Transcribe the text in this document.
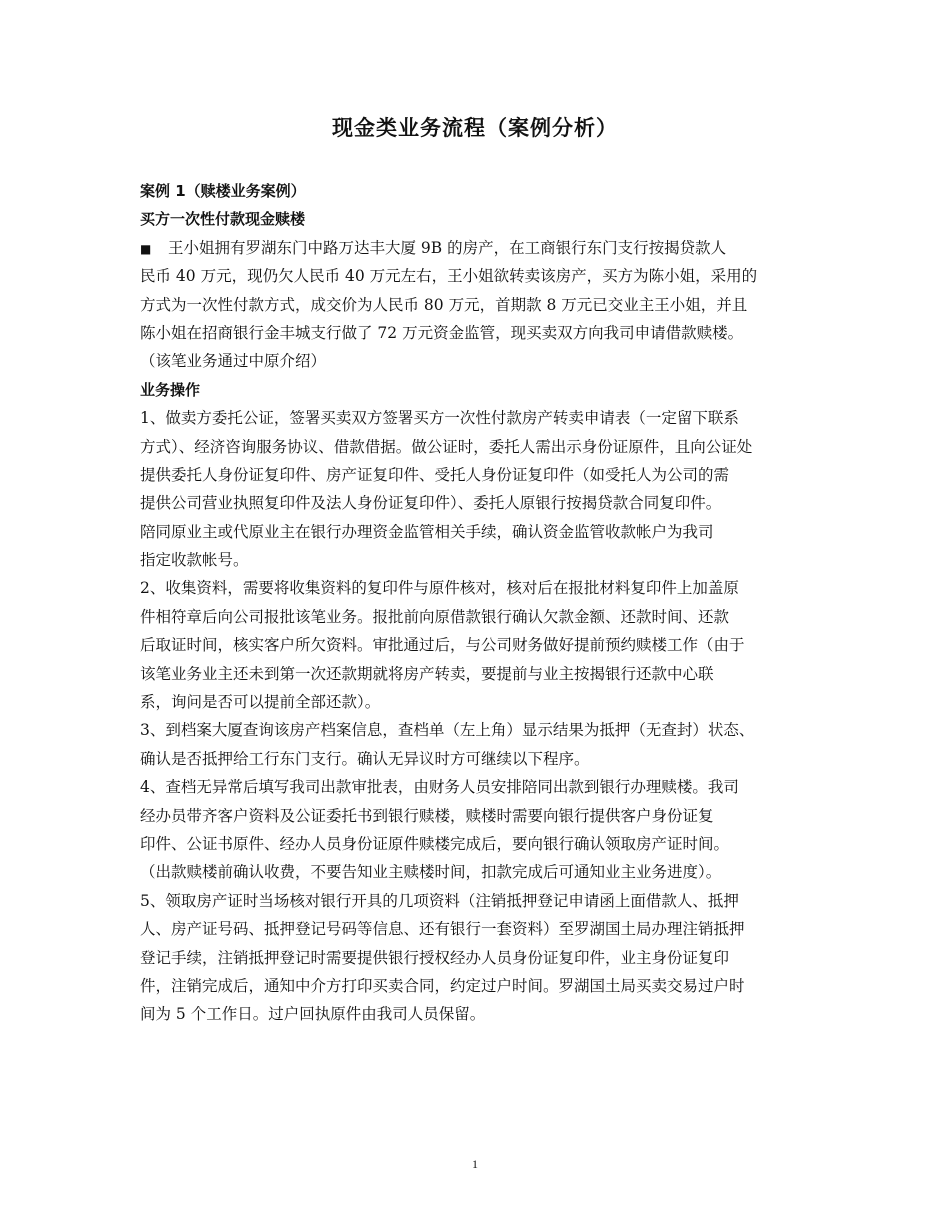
现金类业务流程（案例分析）
案例 1（赎楼业务案例）
买方一次性付款现金赎楼
■ 王小姐拥有罗湖东门中路万达丰大厦 9B 的房产，在工商银行东门支行按揭贷款人
民币 40 万元，现仍欠人民币 40 万元左右，王小姐欲转卖该房产，买方为陈小姐，采用的
方式为一次性付款方式，成交价为人民币 80 万元，首期款 8 万元已交业主王小姐，并且
陈小姐在招商银行金丰城支行做了 72 万元资金监管，现买卖双方向我司申请借款赎楼。
（该笔业务通过中原介绍）
业务操作
1、做卖方委托公证，签署买卖双方签署买方一次性付款房产转卖申请表（一定留下联系
方式）、经济咨询服务协议、借款借据。做公证时，委托人需出示身份证原件，且向公证处
提供委托人身份证复印件、房产证复印件、受托人身份证复印件（如受托人为公司的需
提供公司营业执照复印件及法人身份证复印件）、委托人原银行按揭贷款合同复印件。
陪同原业主或代原业主在银行办理资金监管相关手续，确认资金监管收款帐户为我司
指定收款帐号。
2、收集资料，需要将收集资料的复印件与原件核对，核对后在报批材料复印件上加盖原
件相符章后向公司报批该笔业务。报批前向原借款银行确认欠款金额、还款时间、还款
后取证时间，核实客户所欠资料。审批通过后，与公司财务做好提前预约赎楼工作（由于
该笔业务业主还未到第一次还款期就将房产转卖，要提前与业主按揭银行还款中心联
系，询问是否可以提前全部还款）。
3、到档案大厦查询该房产档案信息，查档单（左上角）显示结果为抵押（无查封）状态、
确认是否抵押给工行东门支行。确认无异议时方可继续以下程序。
4、查档无异常后填写我司出款审批表，由财务人员安排陪同出款到银行办理赎楼。我司
经办员带齐客户资料及公证委托书到银行赎楼，赎楼时需要向银行提供客户身份证复
印件、公证书原件、经办人员身份证原件赎楼完成后，要向银行确认领取房产证时间。
（出款赎楼前确认收费，不要告知业主赎楼时间，扣款完成后可通知业主业务进度）。
5、领取房产证时当场核对银行开具的几项资料（注销抵押登记申请函上面借款人、抵押
人、房产证号码、抵押登记号码等信息、还有银行一套资料）至罗湖国土局办理注销抵押
登记手续，注销抵押登记时需要提供银行授权经办人员身份证复印件，业主身份证复印
件，注销完成后，通知中介方打印买卖合同，约定过户时间。罗湖国土局买卖交易过户时
间为 5 个工作日。过户回执原件由我司人员保留。
1
